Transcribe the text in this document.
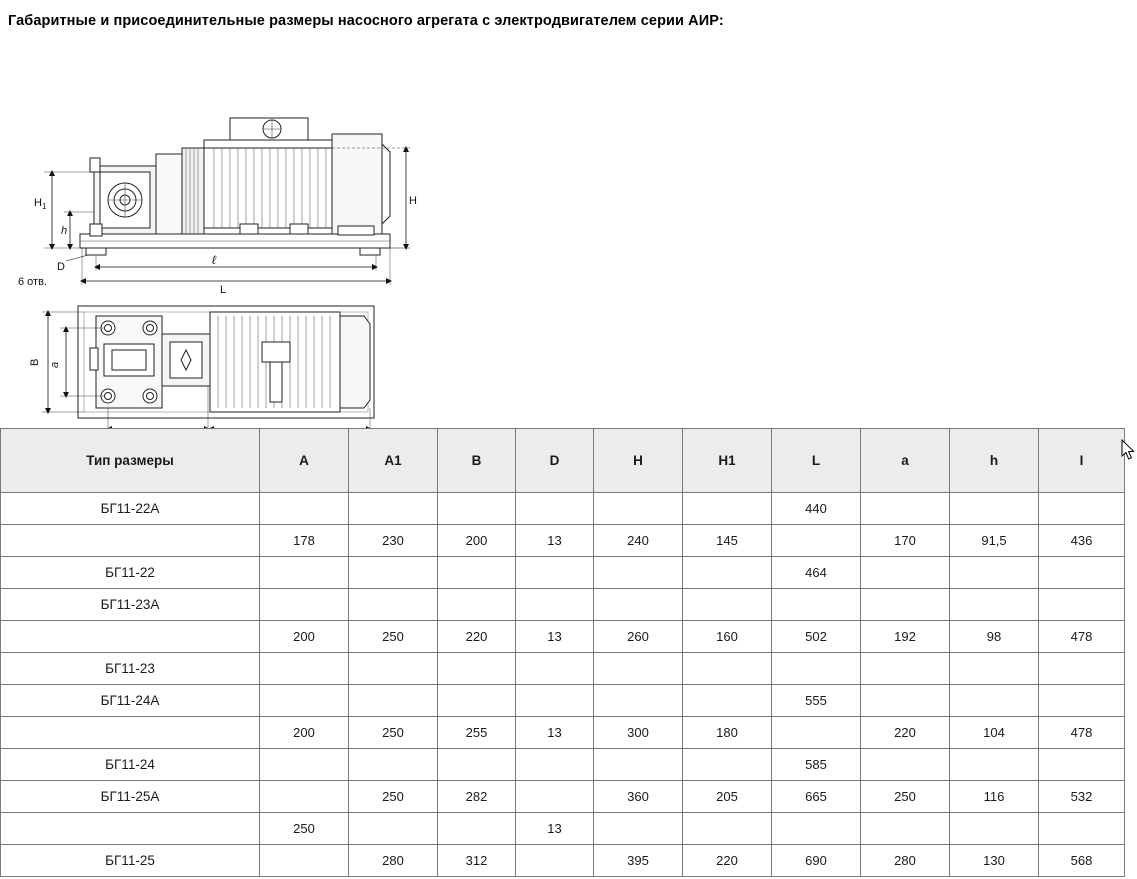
Габаритные и присоединительные размеры насосного агрегата с электродвигателем серии АИР:
H 1
h
H
D
6 отв.
ℓ
L
B a
Тип размеры	A	A1	B	D	H	H1	L	a	h	I
БГ11-22А							440			
	178	230	200	13	240	145		170	91,5	436
БГ11-22							464			
БГ11-23А										
	200	250	220	13	260	160	502	192	98	478
БГ11-23										
БГ11-24А							555			
	200	250	255	13	300	180		220	104	478
БГ11-24							585			
БГ11-25А		250	282		360	205	665	250	116	532
	250			13						
БГ11-25		280	312		395	220	690	280	130	568
